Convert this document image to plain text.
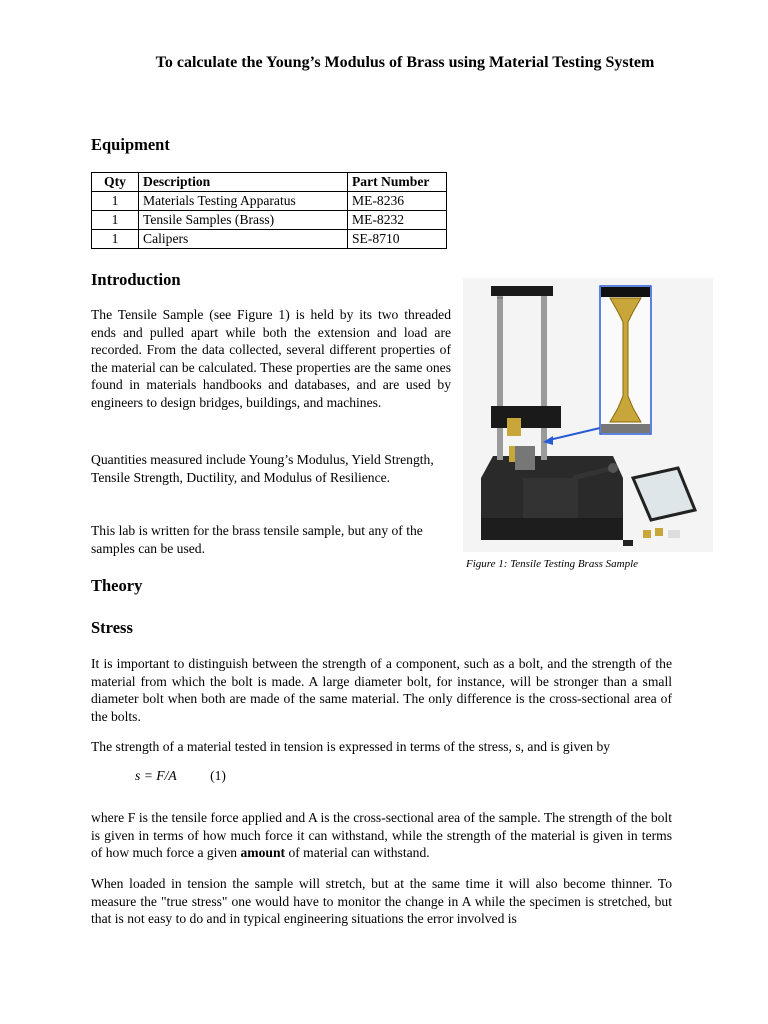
To calculate the Young’s Modulus of Brass using Material Testing System
Equipment
Qty	Description	Part Number
1	Materials Testing Apparatus	ME-8236
1	Tensile Samples (Brass)	ME-8232
1	Calipers	SE-8710
Introduction
The Tensile Sample (see Figure 1) is held by its two threaded ends and pulled apart while both the extension and load are recorded. From the data collected, several different properties of the material can be calculated. These properties are the same ones found in materials handbooks and databases, and are used by engineers to design bridges, buildings, and machines.
Quantities measured include Young’s Modulus, Yield Strength, Tensile Strength, Ductility, and Modulus of Resilience.
This lab is written for the brass tensile sample, but any of the samples can be used.
Figure 1: Tensile Testing Brass Sample
Theory
Stress
It is important to distinguish between the strength of a component, such as a bolt, and the strength of the material from which the bolt is made. A large diameter bolt, for instance, will be stronger than a small diameter bolt when both are made of the same material. The only difference is the cross-sectional area of the bolts.
The strength of a material tested in tension is expressed in terms of the stress, s, and is given by
s = F/A (1)
where F is the tensile force applied and A is the cross-sectional area of the sample. The strength of the bolt is given in terms of how much force it can withstand, while the strength of the material is given in terms of how much force a given amount of material can withstand.
When loaded in tension the sample will stretch, but at the same time it will also become thinner. To measure the "true stress" one would have to monitor the change in A while the specimen is stretched, but that is not easy to do and in typical engineering situations the error involved is
